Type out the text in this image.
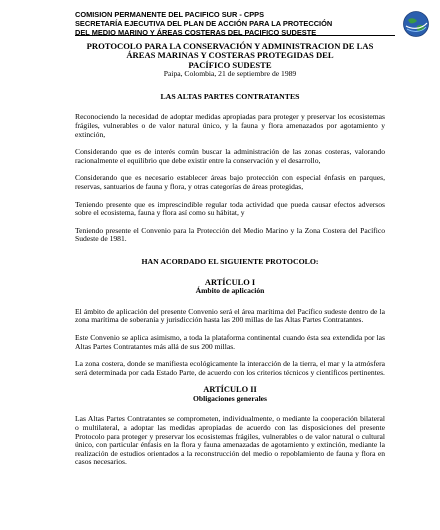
COMISION PERMANENTE DEL PACIFICO SUR - CPPS
SECRETARÍA EJECUTIVA DEL PLAN DE ACCIÓN PARA LA PROTECCIÓN
DEL MEDIO MARINO Y ÁREAS COSTERAS DEL PACIFICO SUDESTE

PROTOCOLO PARA LA CONSERVACIÓN Y ADMINISTRACION DE LAS

ÁREAS MARINAS Y COSTERAS PROTEGIDAS DEL

PACÍFICO SUDESTE

Paipa, Colombia, 21 de septiembre de 1989

LAS ALTAS PARTES CONTRATANTES

Reconociendo la necesidad de adoptar medidas apropiadas para proteger y preservar los ecosistemas frágiles, vulnerables o de valor natural único, y la fauna y flora amenazados por agotamiento y extinción,

Considerando que es de interés común buscar la administración de las zonas costeras, valorando racionalmente el equilibrio que debe existir entre la conservación y el desarrollo,

Considerando que es necesario establecer áreas bajo protección con especial énfasis en parques, reservas, santuarios de fauna y flora, y otras categorías de áreas protegidas,

Teniendo presente que es imprescindible regular toda actividad que pueda causar efectos adversos sobre el ecosistema, fauna y flora así como su hábitat, y

Teniendo presente el Convenio para la Protección del Medio Marino y la Zona Costera del Pacífico Sudeste de 1981.

HAN ACORDADO EL SIGUIENTE PROTOCOLO:

ARTÍCULO I

Ámbito de aplicación

El ámbito de aplicación del presente Convenio será el área marítima del Pacífico sudeste dentro de la zona marítima de soberanía y jurisdicción hasta las 200 millas de las Altas Partes Contratantes.

Este Convenio se aplica asimismo, a toda la plataforma continental cuando ésta sea extendida por las Altas Partes Contratantes más allá de sus 200 millas.

La zona costera, donde se manifiesta ecológicamente la interacción de la tierra, el mar y la atmósfera será determinada por cada Estado Parte, de acuerdo con los criterios técnicos y científicos pertinentes.

ARTÍCULO II

Obligaciones generales

Las Altas Partes Contratantes se comprometen, individualmente, o mediante la cooperación bilateral o multilateral, a adoptar las medidas apropiadas de acuerdo con las disposiciones del presente Protocolo para proteger y preservar los ecosistemas frágiles, vulnerables o de valor natural o cultural único, con particular énfasis en la flora y fauna amenazadas de agotamiento y extinción, mediante la realización de estudios orientados a la reconstrucción del medio o repoblamiento de fauna y flora en casos necesarios.
